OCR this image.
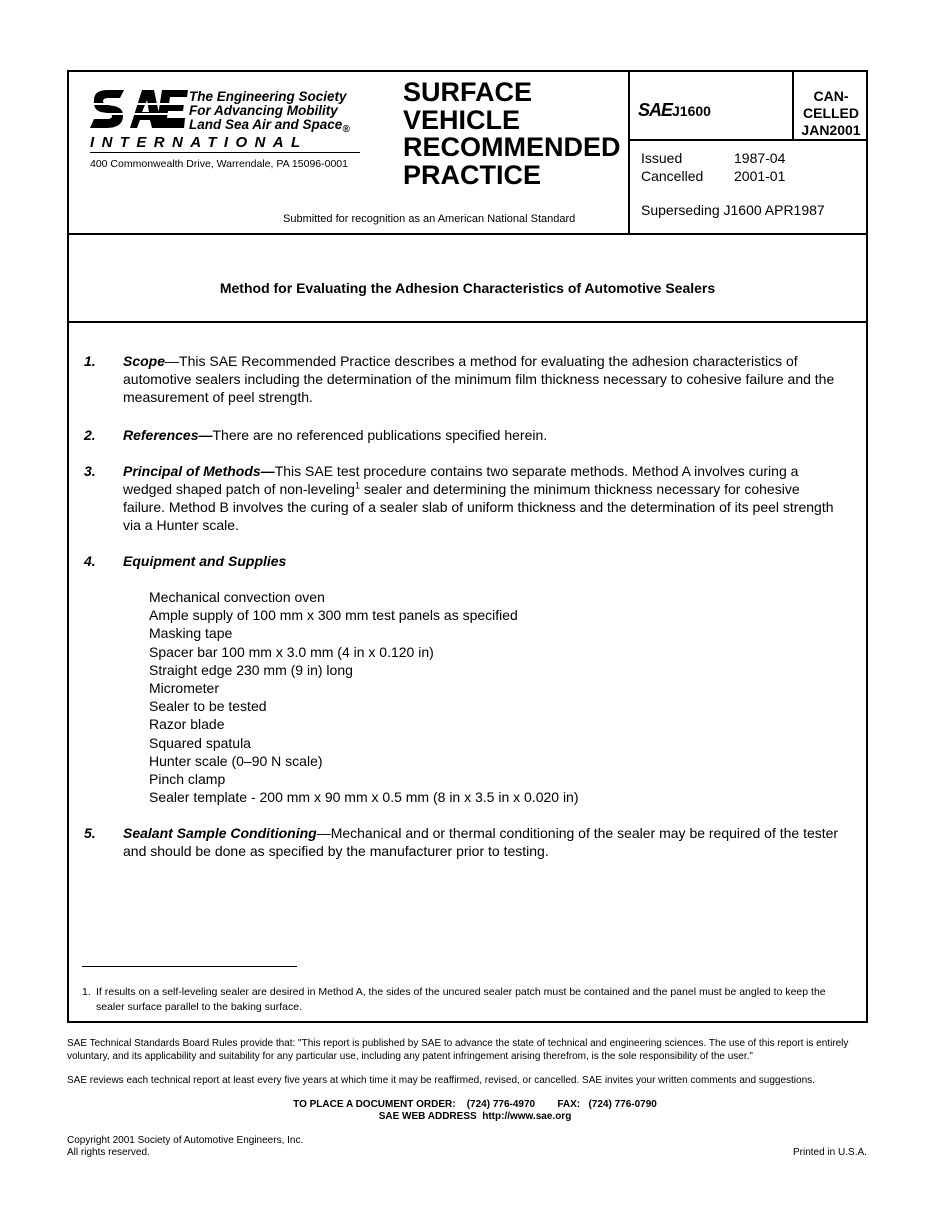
The Engineering Society
For Advancing Mobility
Land Sea Air and Space$_®$
INTERNATIONAL
400 Commonwealth Drive, Warrendale, PA 15096-0001
SURFACE
VEHICLE
RECOMMENDED
PRACTICE
Submitted for recognition as an American National Standard
SAEJ1600
CAN-
CELLED
JAN2001
Issued	1987-04
Cancelled 2001-01
Superseding J1600 APR1987
Method for Evaluating the Adhesion Characteristics of Automotive Sealers
1. Scope—This SAE Recommended Practice describes a method for evaluating the adhesion characteristics of automotive sealers including the determination of the minimum film thickness necessary to cohesive failure and the measurement of peel strength.
2. References—There are no referenced publications specified herein.
3. Principal of Methods—This SAE test procedure contains two separate methods. Method A involves curing a wedged shaped patch of non-leveling$^1$ sealer and determining the minimum thickness necessary for cohesive failure. Method B involves the curing of a sealer slab of uniform thickness and the determination of its peel strength via a Hunter scale.
4. Equipment and Supplies
Mechanical convection oven
Ample supply of 100 mm x 300 mm test panels as specified
Masking tape
Spacer bar 100 mm x 3.0 mm (4 in x 0.120 in)
Straight edge 230 mm (9 in) long
Micrometer
Sealer to be tested
Razor blade
Squared spatula
Hunter scale (0–90 N scale)
Pinch clamp
Sealer template - 200 mm x 90 mm x 0.5 mm (8 in x 3.5 in x 0.020 in)
5. Sealant Sample Conditioning—Mechanical and or thermal conditioning of the sealer may be required of the tester and should be done as specified by the manufacturer prior to testing.
1. If results on a self-leveling sealer are desired in Method A, the sides of the uncured sealer patch must be contained and the panel must be angled to keep the sealer surface parallel to the baking surface.
SAE Technical Standards Board Rules provide that: "This report is published by SAE to advance the state of technical and engineering sciences. The use of this report is entirely voluntary, and its applicability and suitability for any particular use, including any patent infringement arising therefrom, is the sole responsibility of the user."
SAE reviews each technical report at least every five years at which time it may be reaffirmed, revised, or cancelled. SAE invites your written comments and suggestions.
TO PLACE A DOCUMENT ORDER: (724) 776-4970 FAX: (724) 776-0790
SAE WEB ADDRESS http://www.sae.org
Copyright 2001 Society of Automotive Engineers, Inc.
All rights reserved.	Printed in U.S.A.
